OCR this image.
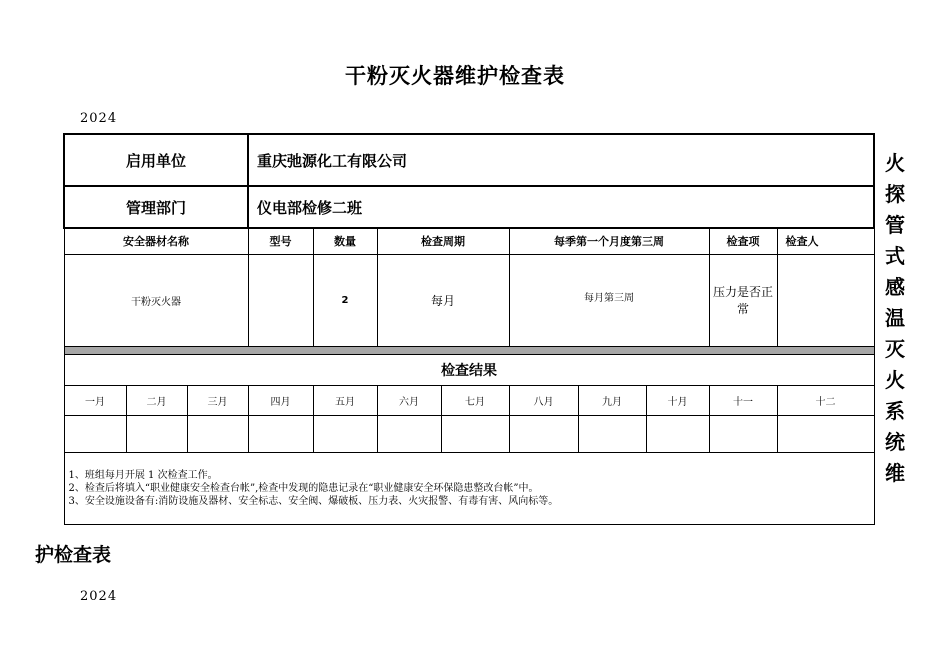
干粉灭火器维护检查表
2024
启用单位			重庆弛源化工有限公司								
管理部门			仪电部检修二班								
安全器材名称			型号	数量	检查周期		每季第一个月度第三周			检查项	检查人
干粉灭火器				2	每月		每月第三周			压力是否正常	

检查结果											
一月	二月	三月	四月	五月	六月	七月	八月	九月	十月	十一	十二

1、班组每月开展 1 次检查工作。
2、检查后将填入“职业健康安全检查台帐”,检查中发现的隐患记录在“职业健康安全环保隐患整改台帐”中。
3、安全设施设备有:消防设施及器材、安全标志、安全阀、爆破板、压力表、火灾报警、有毒有害、风向标等。											
火
探
管
式
感
温
灭
火
系
统
维
护检查表
2024
